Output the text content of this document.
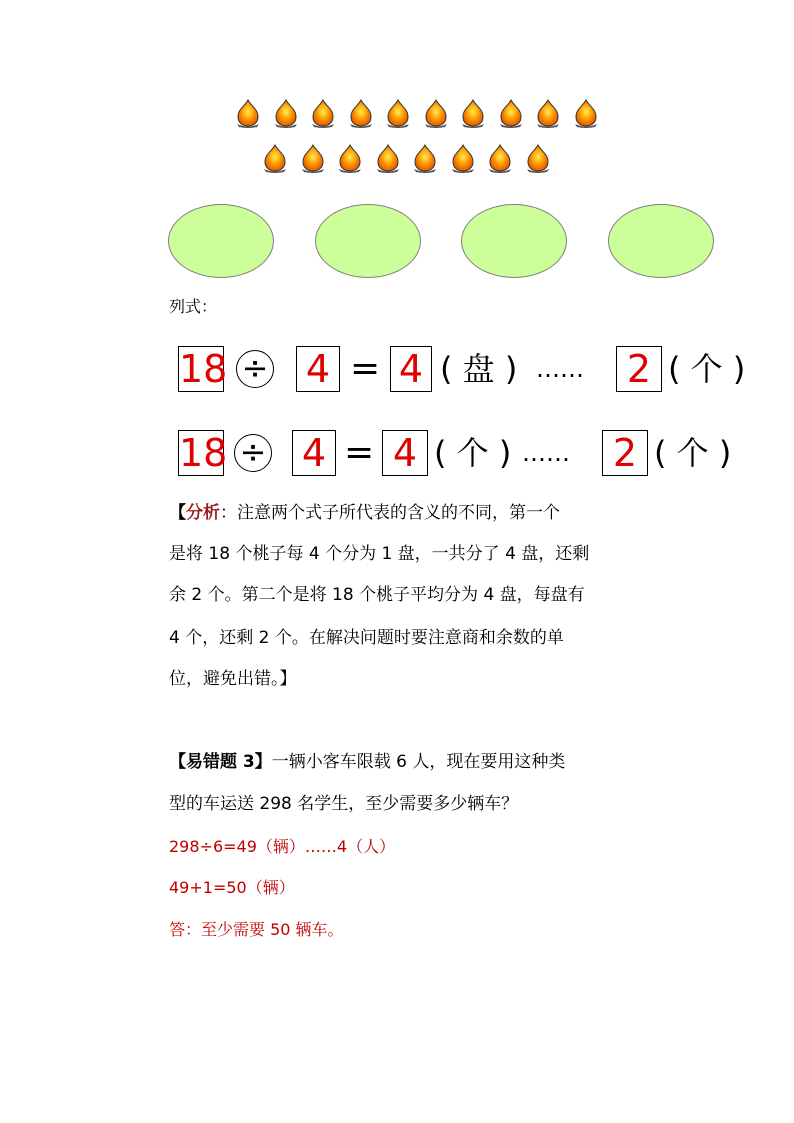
列式：
18 ÷ 4 = 4 ( 盘 ) …… 2 ( 个 )
18 ÷ 4 = 4 ( 个 ) …… 2 ( 个 )
【分析：注意两个式子所代表的含义的不同，第一个
是将 18 个桃子每 4 个分为 1 盘，一共分了 4 盘，还剩
余 2 个。第二个是将 18 个桃子平均分为 4 盘，每盘有
4 个，还剩 2 个。在解决问题时要注意商和余数的单
位，避免出错。】
【易错题 3】一辆小客车限载 6 人，现在要用这种类
型的车运送 298 名学生，至少需要多少辆车？
298÷6=49（辆）……4（人）
49+1=50（辆）
答：至少需要 50 辆车。
